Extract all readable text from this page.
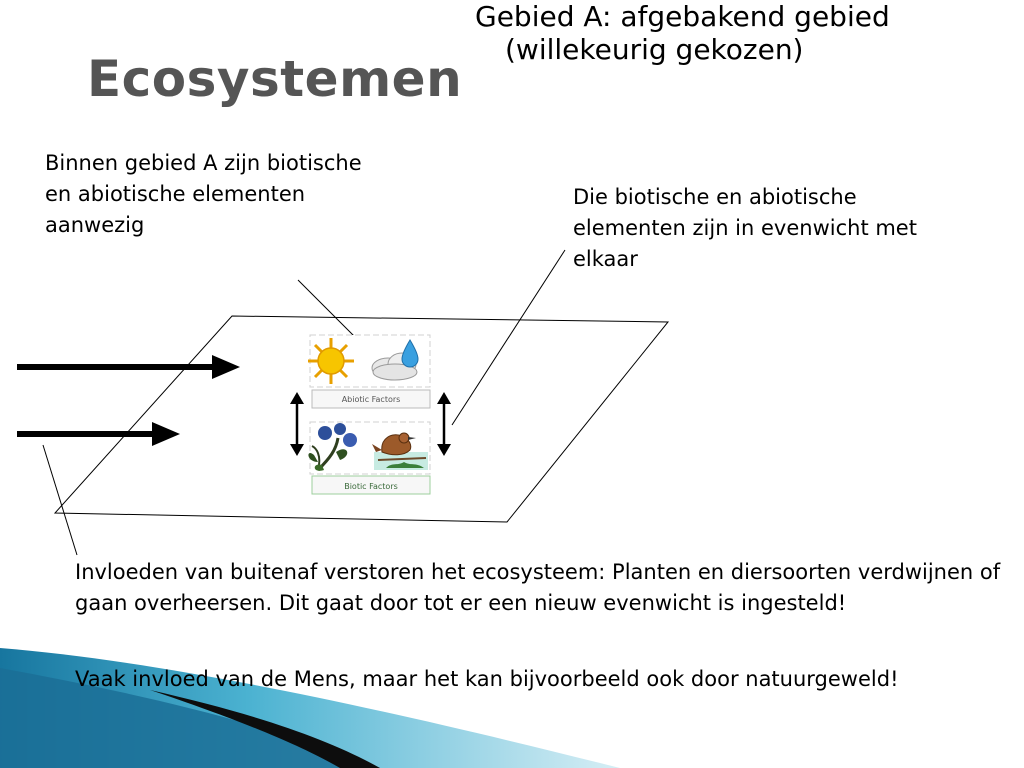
Ecosystemen
Gebied A: afgebakend gebied
(willekeurig gekozen)
Binnen gebied A zijn biotische en abiotische elementen aanwezig
Die biotische en abiotische elementen zijn in evenwicht met elkaar
Abiotic Factors
Biotic Factors
Invloeden van buitenaf verstoren het ecosysteem: Planten en diersoorten verdwijnen of gaan overheersen. Dit gaat door tot er een nieuw evenwicht is ingesteld!
Vaak invloed van de Mens, maar het kan bijvoorbeeld ook door natuurgeweld!
